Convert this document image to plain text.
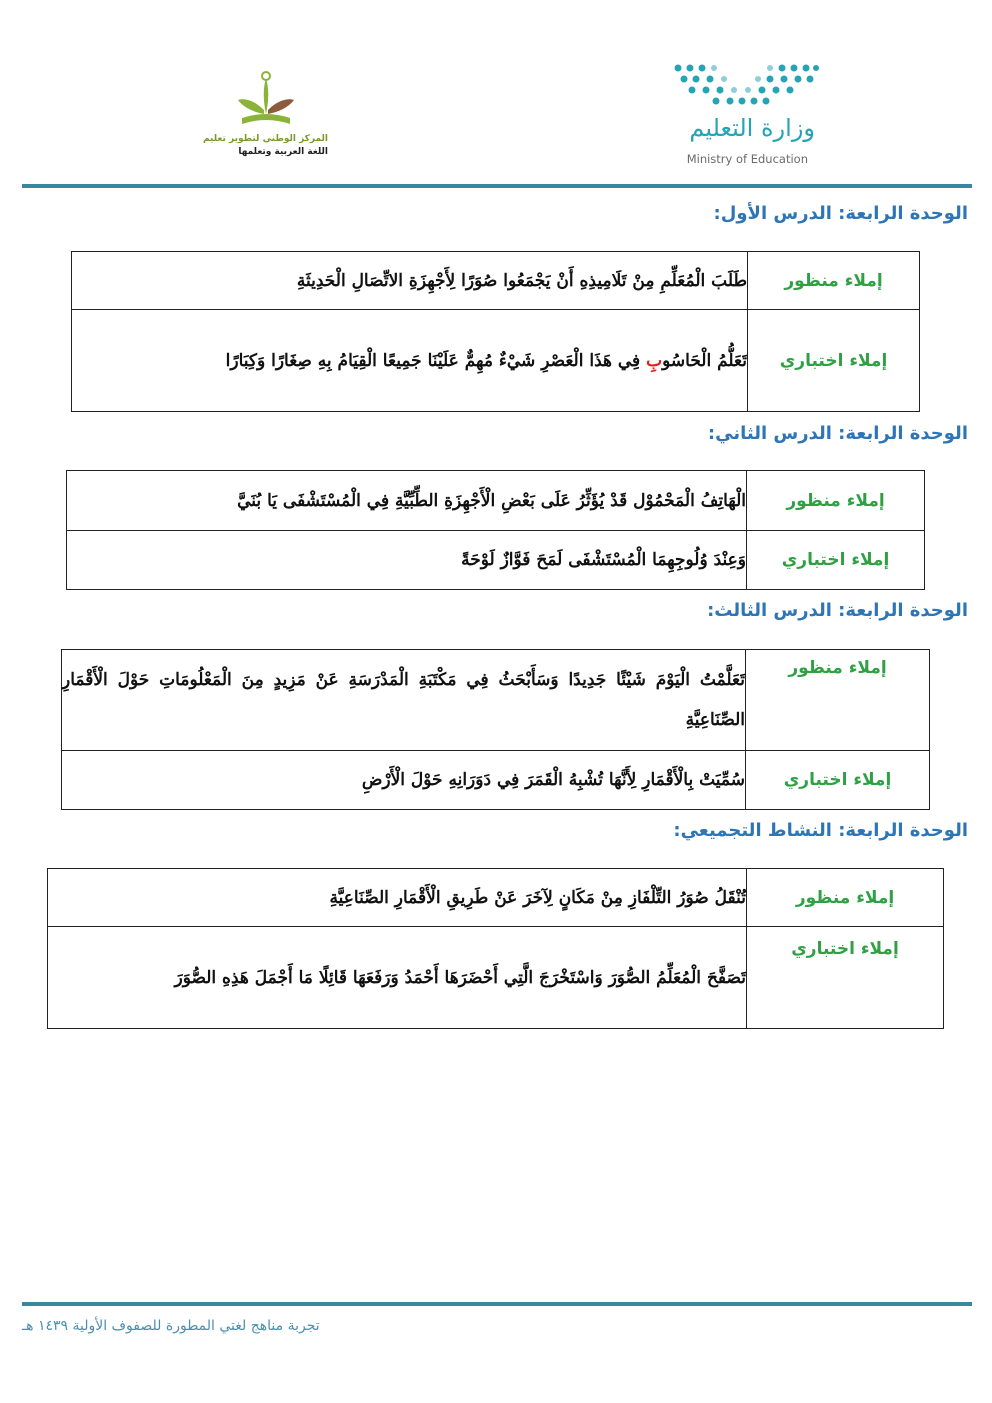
وزارة التعليم
Ministry of Education
المركز الوطني لتطوير تعليم
اللغة العربية وتعلمها
الوحدة الرابعة: الدرس الأول:
إملاء منظور	طَلَبَ الْمُعَلِّمِ مِنْ تَلَامِيذِهِ أَنْ يَجْمَعُوا صُوَرًا لِأَجْهِزَةِ الاتِّصَالِ الْحَدِيثَةِ
إملاء اختباري	تَعَلُّمُ الْحَاسُوبِ فِي هَذَا الْعَصْرِ شَيْءٌ مُهِمٌّ عَلَيْنَا جَمِيعًا الْقِيَامُ بِهِ صِغَارًا وَكِبَارًا
الوحدة الرابعة: الدرس الثاني:
إملاء منظور	الْهَاتِفُ الْمَحْمُوْل قَدْ يُؤَثِّرُ عَلَى بَعْضِ الْأَجْهِزَةِ الطِّبِّيَّةِ فِي الْمُسْتَشْفَى يَا بُنَيَّ
إملاء اختباري	وَعِنْدَ وُلُوجِهِمَا الْمُسْتَشْفَى لَمَحَ فَوَّازٌ لَوْحَةً
الوحدة الرابعة: الدرس الثالث:
إملاء منظور	تَعَلَّمْتُ الْيَوْمَ شَيْئًا جَدِيدًا وَسَأَبْحَثُ فِي مَكْتَبَةِ الْمَدْرَسَةِ عَنْ مَزِيدٍ مِنَ الْمَعْلُومَاتِ حَوْلَ الْأَقْمَارِ الصِّنَاعِيَّةِ
إملاء اختباري	سُمِّيَتْ بِالْأَقْمَارِ لِأَنَّهَا تُشْبِهُ الْقَمَرَ فِي دَوَرَانِهِ حَوْلَ الْأَرْضِ
الوحدة الرابعة: النشاط التجميعي:
إملاء منظور	تُنْقَلُ صُوَرُ التِّلْفَازِ مِنْ مَكَانٍ لِآخَرَ عَنْ طَرِيقِ الْأَقْمَارِ الصِّنَاعِيَّةِ
إملاء اختباري	تَصَفَّحَ الْمُعَلِّمُ الصُّوَرَ وَاسْتَخْرَجَ الَّتِي أَحْضَرَهَا أَحْمَدُ وَرَفَعَهَا قَائِلًا مَا أَجْمَلَ هَذِهِ الصُّوَرَ
تجربة مناهج لغتي المطورة للصفوف الأولية ١٤٣٩ هـ
